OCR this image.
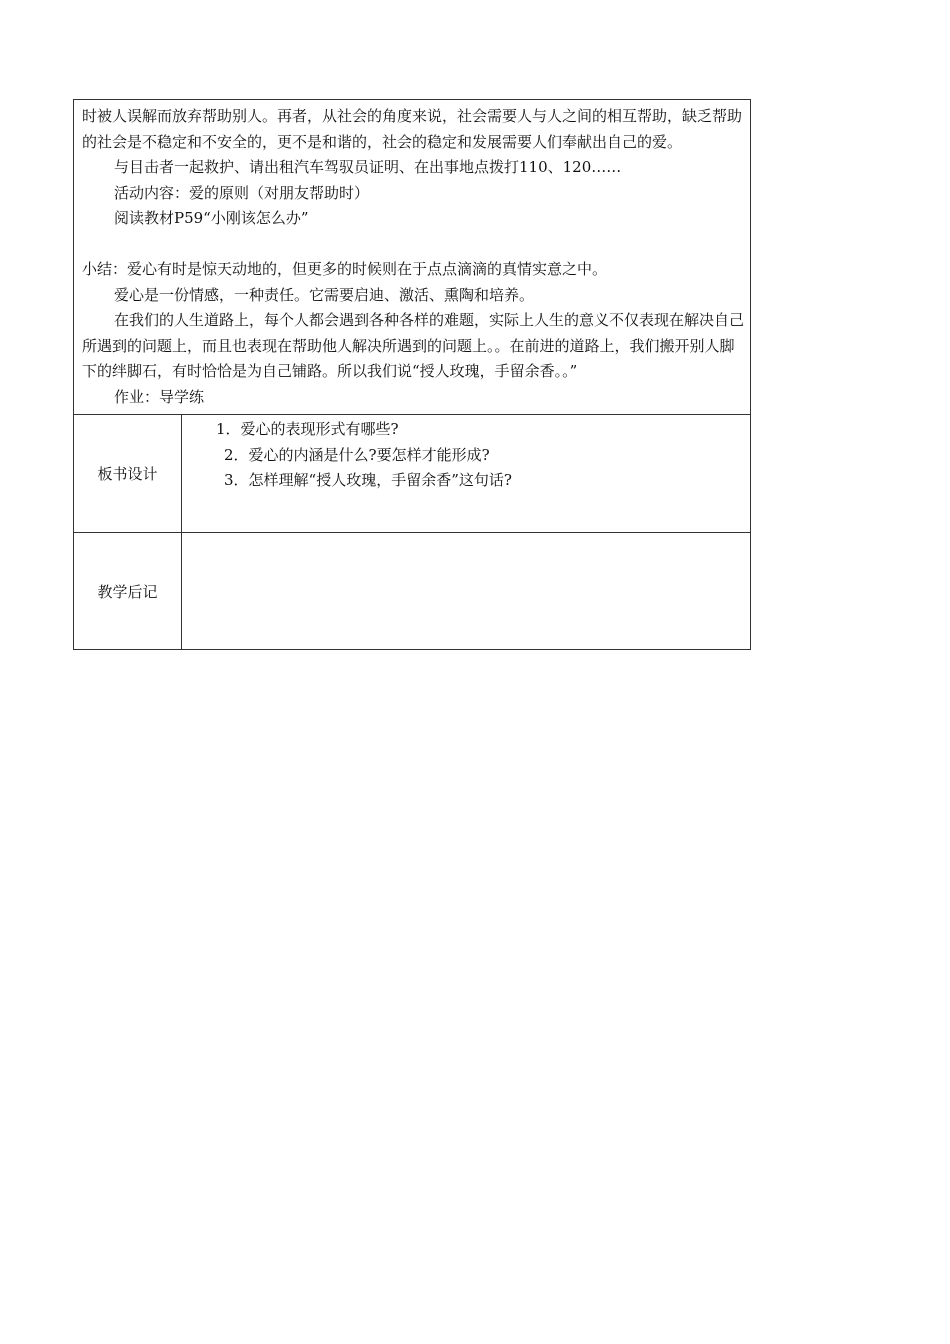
时被人误解而放弃帮助别人。再者，从社会的角度来说，社会需要人与人之间的相互帮助，缺乏帮助的社会是不稳定和不安全的，更不是和谐的，社会的稳定和发展需要人们奉献出自己的爱。

与目击者一起救护、请出租汽车驾驭员证明、在出事地点拨打110、120……

活动内容：爱的原则（对朋友帮助时）

阅读教材P59“小刚该怎么办”

小结：爱心有时是惊天动地的，但更多的时候则在于点点滴滴的真情实意之中。

爱心是一份情感，一种责任。它需要启迪、激活、熏陶和培养。

在我们的人生道路上，每个人都会遇到各种各样的难题，实际上人生的意义不仅表现在解决自己所遇到的问题上，而且也表现在帮助他人解决所遇到的问题上。。在前进的道路上，我们搬开别人脚下的绊脚石，有时恰恰是为自己铺路。所以我们说“授人玫瑰，手留余香。。”

作业：导学练

板书设计

1．爱心的表现形式有哪些?

2．爱心的内涵是什么?要怎样才能形成?

3．怎样理解“授人玫瑰，手留余香”这句话?

教学后记
